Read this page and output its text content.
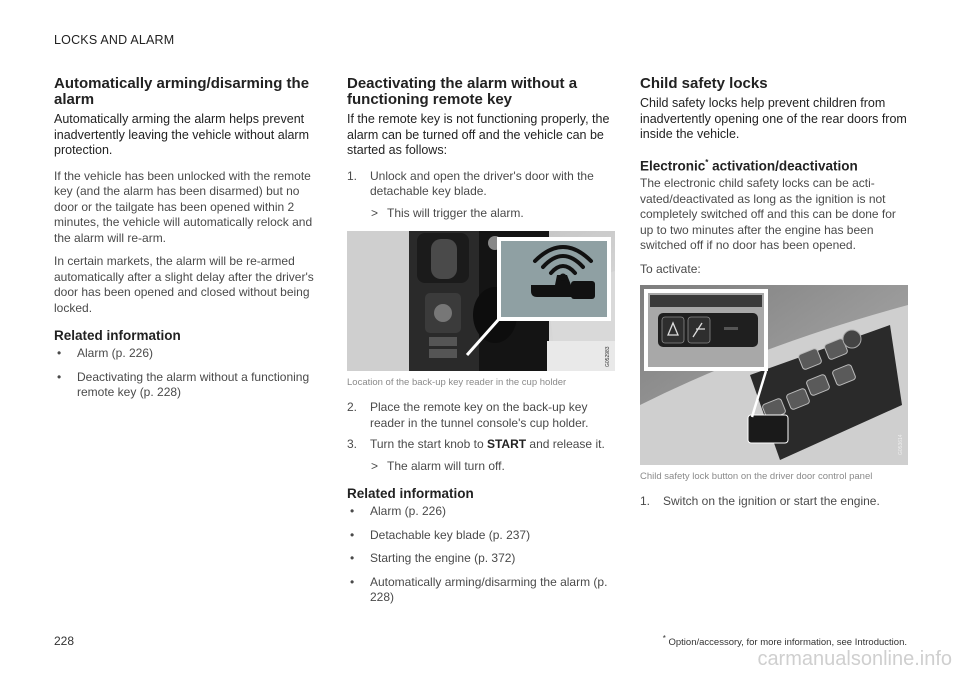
LOCKS AND ALARM
Automatically arming/disarming the alarm

Automatically arming the alarm helps prevent inadvertently leaving the vehicle without alarm protection.

If the vehicle has been unlocked with the remote key (and the alarm has been disarmed) but no door or the tailgate has been opened within 2 minutes, the vehicle will automatically relock and the alarm will re-arm.

In certain markets, the alarm will be re-armed automatically after a slight delay after the driver's door has been opened and closed without being locked.

Related information
• Alarm (p. 226)
• Deactivating the alarm without a functioning remote key (p. 228)
Deactivating the alarm without a functioning remote key

If the remote key is not functioning properly, the alarm can be turned off and the vehicle can be started as follows:

1. Unlock and open the driver's door with the detachable key blade.
> This will trigger the alarm.
G052983
Location of the back-up key reader in the cup holder
2. Place the remote key on the back-up key reader in the tunnel console's cup holder.
3. Turn the start knob to START and release it.
> The alarm will turn off.
Related information
• Alarm (p. 226)
• Detachable key blade (p. 237)
• Starting the engine (p. 372)
• Automatically arming/disarming the alarm (p. 228)
Child safety locks

Child safety locks help prevent children from inadvertently opening one of the rear doors from inside the vehicle.

Electronic* activation/deactivation

The electronic child safety locks can be acti-vated/deactivated as long as the ignition is not completely switched off and this can be done for up to two minutes after the engine has been switched off if no door has been opened.

To activate:

G053614
Child safety lock button on the driver door control panel
1. Switch on the ignition or start the engine.
228	* Option/accessory, for more information, see Introduction.
carmanualsonline.info
